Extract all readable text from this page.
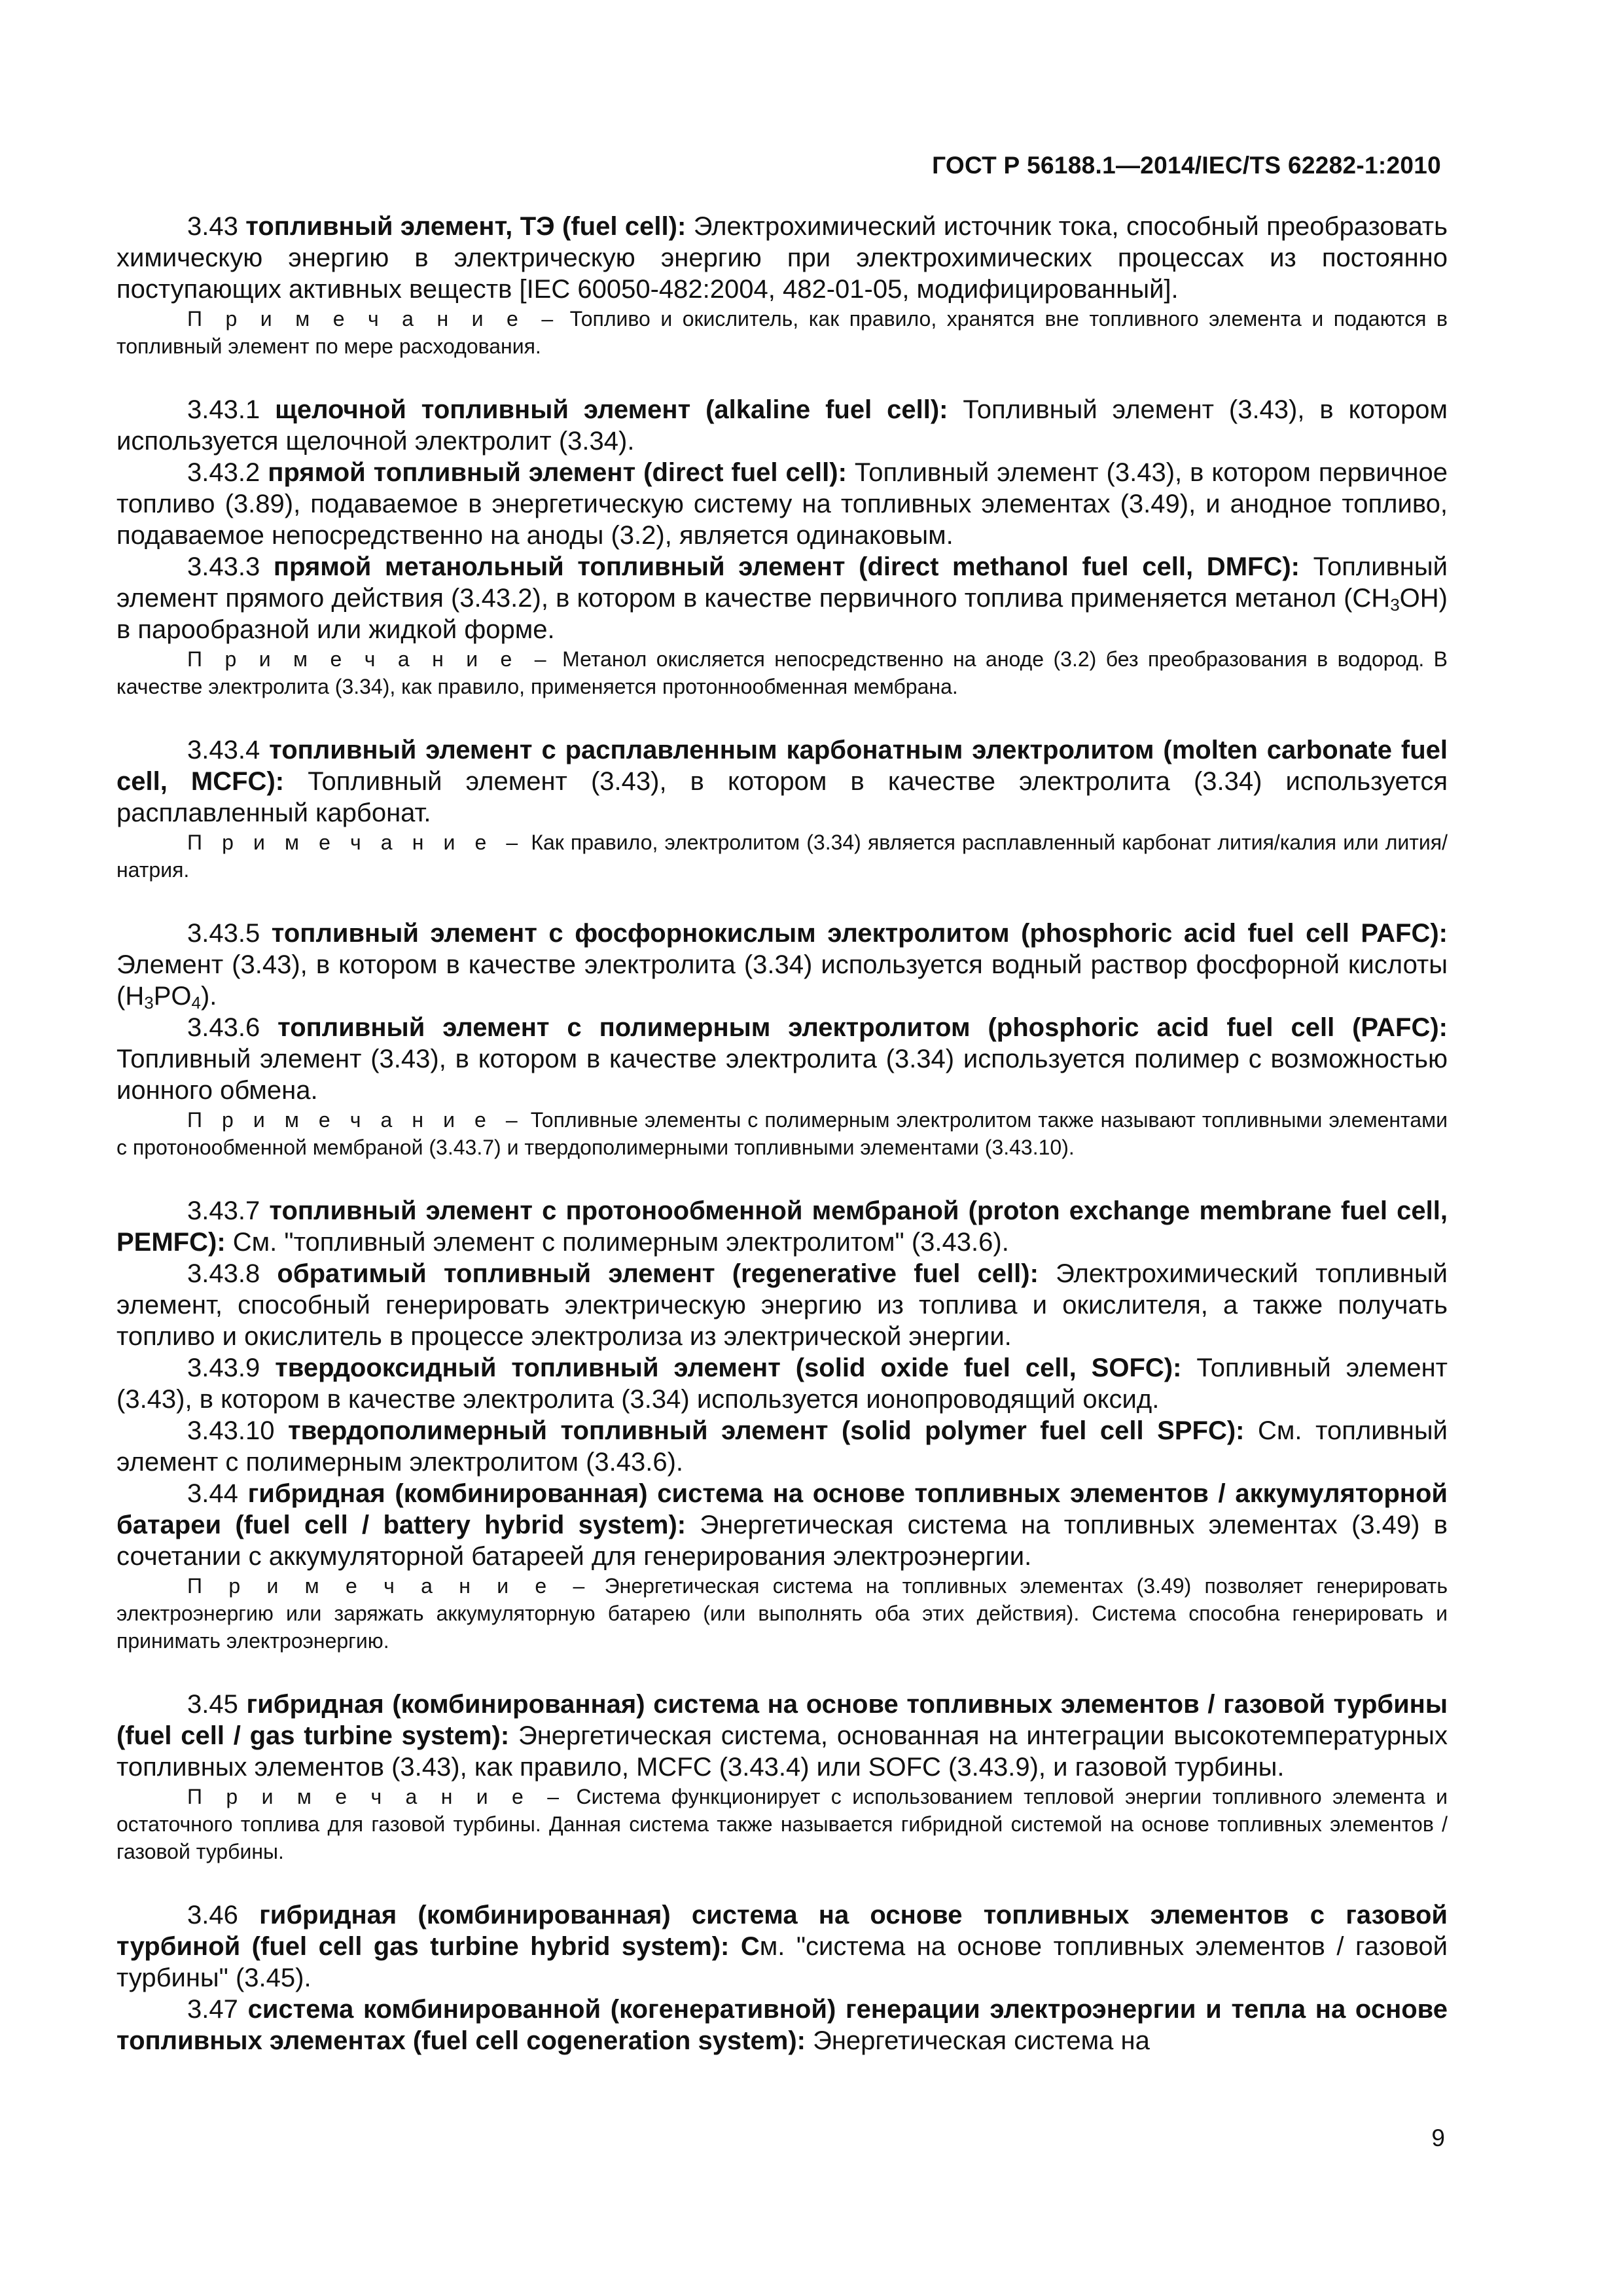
ГОСТ Р 56188.1—2014/IEC/TS 62282-1:2010

3.43 топливный элемент, ТЭ (fuel cell): Электрохимический источник тока, способный преобразовать химическую энергию в электрическую энергию при электрохимических процессах из постоянно поступающих активных веществ [IEC 60050-482:2004, 482-01-05, модифицированный].

П р и м е ч а н и е – Топливо и окислитель, как правило, хранятся вне топливного элемента и подаются в топливный элемент по мере расходования.

3.43.1 щелочной топливный элемент (alkaline fuel cell): Топливный элемент (3.43), в котором используется щелочной электролит (3.34).

3.43.2 прямой топливный элемент (direct fuel cell): Топливный элемент (3.43), в котором первичное топливо (3.89), подаваемое в энергетическую систему на топливных элементах (3.49), и анодное топливо, подаваемое непосредственно на аноды (3.2), является одинаковым.

3.43.3 прямой метанольный топливный элемент (direct methanol fuel cell, DMFC): Топливный элемент прямого действия (3.43.2), в котором в качестве первичного топлива применяется метанол $(CH_3OH)$ в парообразной или жидкой форме.

П р и м е ч а н и е – Метанол окисляется непосредственно на аноде (3.2) без преобразования в водород. В качестве электролита (3.34), как правило, применяется протоннообменная мембрана.

3.43.4 топливный элемент с расплавленным карбонатным электролитом (molten carbonate fuel cell, MCFC): Топливный элемент (3.43), в котором в качестве электролита (3.34) используется расплавленный карбонат.

П р и м е ч а н и е – Как правило, электролитом (3.34) является расплавленный карбонат лития/калия или лития/натрия.

3.43.5 топливный элемент с фосфорнокислым электролитом (phosphoric acid fuel cell PAFC): Элемент (3.43), в котором в качестве электролита (3.34) используется водный раствор фосфорной кислоты $(H_3PO_4)$.

3.43.6 топливный элемент с полимерным электролитом (phosphoric acid fuel cell (PAFC): Топливный элемент (3.43), в котором в качестве электролита (3.34) используется полимер с возможностью ионного обмена.

П р и м е ч а н и е – Топливные элементы с полимерным электролитом также называют топливными элементами с протонообменной мембраной (3.43.7) и твердополимерными топливными элементами (3.43.10).

3.43.7 топливный элемент с протонообменной мембраной (proton exchange membrane fuel cell, PEMFC): См. "топливный элемент с полимерным электролитом" (3.43.6).

3.43.8 обратимый топливный элемент (regenerative fuel cell): Электрохимический топливный элемент, способный генерировать электрическую энергию из топлива и окислителя, а также получать топливо и окислитель в процессе электролиза из электрической энергии.

3.43.9 твердооксидный топливный элемент (solid oxide fuel cell, SOFC): Топливный элемент (3.43), в котором в качестве электролита (3.34) используется ионопроводящий оксид.

3.43.10 твердополимерный топливный элемент (solid polymer fuel cell SPFC): См. топливный элемент с полимерным электролитом (3.43.6).

3.44 гибридная (комбинированная) система на основе топливных элементов / аккумуляторной батареи (fuel cell / battery hybrid system): Энергетическая система на топливных элементах (3.49) в сочетании с аккумуляторной батареей для генерирования электроэнергии.

П р и м е ч а н и е – Энергетическая система на топливных элементах (3.49) позволяет генерировать электроэнергию или заряжать аккумуляторную батарею (или выполнять оба этих действия). Система способна генерировать и принимать электроэнергию.

3.45 гибридная (комбинированная) система на основе топливных элементов / газовой турбины (fuel cell / gas turbine system): Энергетическая система, основанная на интеграции высокотемпературных топливных элементов (3.43), как правило, MCFC (3.43.4) или SOFC (3.43.9), и газовой турбины.

П р и м е ч а н и е – Система функционирует с использованием тепловой энергии топливного элемента и остаточного топлива для газовой турбины. Данная система также называется гибридной системой на основе топливных элементов / газовой турбины.

3.46 гибридная (комбинированная) система на основе топливных элементов с газовой турбиной (fuel cell gas turbine hybrid system): См. "система на основе топливных элементов / газовой турбины" (3.45).

3.47 система комбинированной (когенеративной) генерации электроэнергии и тепла на основе топливных элементах (fuel cell cogeneration system): Энергетическая система на

9
